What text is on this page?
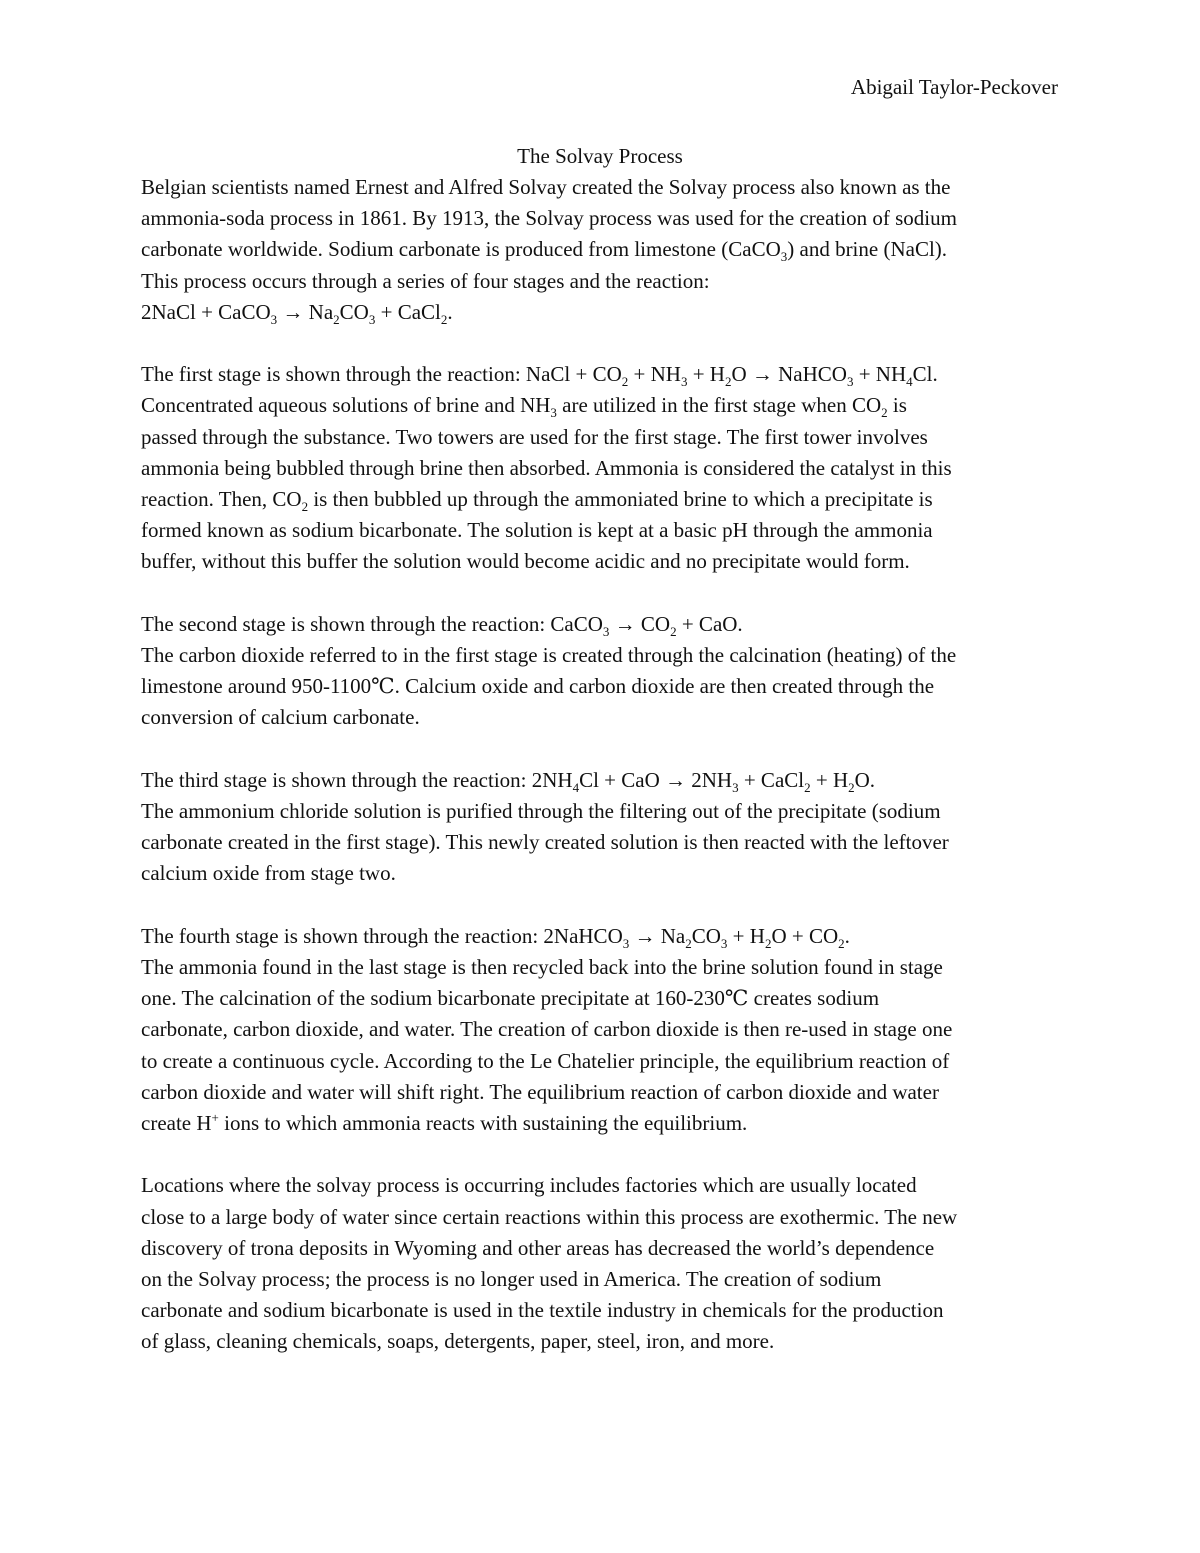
Abigail Taylor-Peckover
The Solvay Process

Belgian scientists named Ernest and Alfred Solvay created the Solvay process also known as the
ammonia-soda process in 1861. By 1913, the Solvay process was used for the creation of sodium
carbonate worldwide. Sodium carbonate is produced from limestone (CaCO$_3$) and brine (NaCl).
This process occurs through a series of four stages and the reaction:
2NaCl + CaCO$_3$ → $Na_2CO_3$ + CaCl$_2$.

The first stage is shown through the reaction: NaCl + $CO_2 + NH_3 + H_2O$ → NaHCO$_3$ + $NH_4Cl$.
Concentrated aqueous solutions of brine and $NH_3$ are utilized in the first stage when $CO_2$ is
passed through the substance. Two towers are used for the first stage. The first tower involves
ammonia being bubbled through brine then absorbed. Ammonia is considered the catalyst in this
reaction. Then, $CO_2$ is then bubbled up through the ammoniated brine to which a precipitate is
formed known as sodium bicarbonate. The solution is kept at a basic pH through the ammonia
buffer, without this buffer the solution would become acidic and no precipitate would form.

The second stage is shown through the reaction: CaCO$_3$ → $CO_2$ + CaO.
The carbon dioxide referred to in the first stage is created through the calcination (heating) of the
limestone around 950-1100℃. Calcium oxide and carbon dioxide are then created through the
conversion of calcium carbonate.

The third stage is shown through the reaction: $2NH_4Cl$ + CaO → $2NH_3$ + CaCl$_2$ + $H_2O$.
The ammonium chloride solution is purified through the filtering out of the precipitate (sodium
carbonate created in the first stage). This newly created solution is then reacted with the leftover
calcium oxide from stage two.

The fourth stage is shown through the reaction: 2NaHCO$_3$ → $Na_2CO_3 + H_2O + CO_2$.
The ammonia found in the last stage is then recycled back into the brine solution found in stage
one. The calcination of the sodium bicarbonate precipitate at 160-230℃ creates sodium
carbonate, carbon dioxide, and water. The creation of carbon dioxide is then re-used in stage one
to create a continuous cycle. According to the Le Chatelier principle, the equilibrium reaction of
carbon dioxide and water will shift right. The equilibrium reaction of carbon dioxide and water
create H+ ions to which ammonia reacts with sustaining the equilibrium.

Locations where the solvay process is occurring includes factories which are usually located
close to a large body of water since certain reactions within this process are exothermic. The new
discovery of trona deposits in Wyoming and other areas has decreased the world’s dependence
on the Solvay process; the process is no longer used in America. The creation of sodium
carbonate and sodium bicarbonate is used in the textile industry in chemicals for the production
of glass, cleaning chemicals, soaps, detergents, paper, steel, iron, and more.
